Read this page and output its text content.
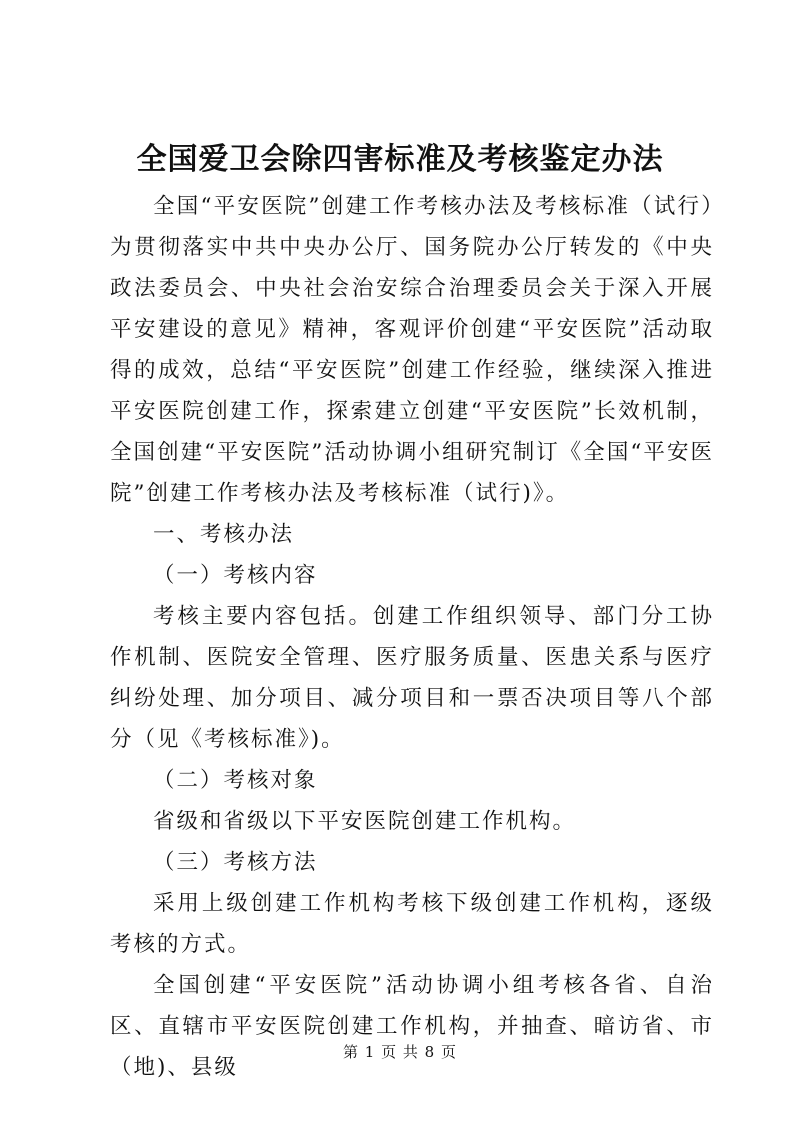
全国爱卫会除四害标准及考核鉴定办法

全国“平安医院”创建工作考核办法及考核标准（试行）为贯彻落实中共中央办公厅、国务院办公厅转发的《中央政法委员会、中央社会治安综合治理委员会关于深入开展平安建设的意见》精神，客观评价创建“平安医院”活动取得的成效，总结“平安医院”创建工作经验，继续深入推进平安医院创建工作，探索建立创建“平安医院”长效机制，全国创建“平安医院”活动协调小组研究制订《全国“平安医院”创建工作考核办法及考核标准（试行)》。

一、考核办法

（一）考核内容

考核主要内容包括。创建工作组织领导、部门分工协作机制、医院安全管理、医疗服务质量、医患关系与医疗纠纷处理、加分项目、减分项目和一票否决项目等八个部分（见《考核标准》)。

（二）考核对象

省级和省级以下平安医院创建工作机构。

（三）考核方法

采用上级创建工作机构考核下级创建工作机构，逐级考核的方式。

全国创建“平安医院”活动协调小组考核各省、自治区、直辖市平安医院创建工作机构，并抽查、暗访省、市（地)、县级

第 1 页 共 8 页
